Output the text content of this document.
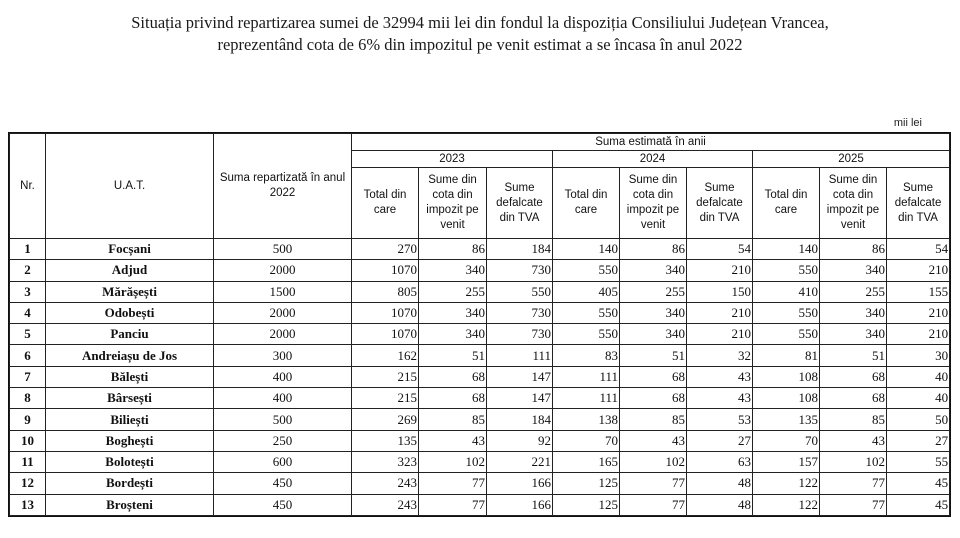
Situația privind repartizarea sumei de 32994 mii lei din fondul la dispoziția Consiliului Județean Vrancea,
reprezentând cota de 6% din impozitul pe venit estimat a se încasa în anul 2022
mii lei
Nr.	U.A.T.	Suma repartizată în anul 2022	Suma estimată în anii								
			2023			2024			2025		
			Total din care	Sume din cota din impozit pe venit	Sume defalcate din TVA	Total din care	Sume din cota din impozit pe venit	Sume defalcate din TVA	Total din care	Sume din cota din impozit pe venit	Sume defalcate din TVA
1	Focșani	500	270	86	184	140	86	54	140	86	54
2	Adjud	2000	1070	340	730	550	340	210	550	340	210
3	Mărășești	1500	805	255	550	405	255	150	410	255	155
4	Odobești	2000	1070	340	730	550	340	210	550	340	210
5	Panciu	2000	1070	340	730	550	340	210	550	340	210
6	Andreiașu de Jos	300	162	51	111	83	51	32	81	51	30
7	Bălești	400	215	68	147	111	68	43	108	68	40
8	Bârsești	400	215	68	147	111	68	43	108	68	40
9	Biliești	500	269	85	184	138	85	53	135	85	50
10	Boghești	250	135	43	92	70	43	27	70	43	27
11	Bolotești	600	323	102	221	165	102	63	157	102	55
12	Bordești	450	243	77	166	125	77	48	122	77	45
13	Broșteni	450	243	77	166	125	77	48	122	77	45
